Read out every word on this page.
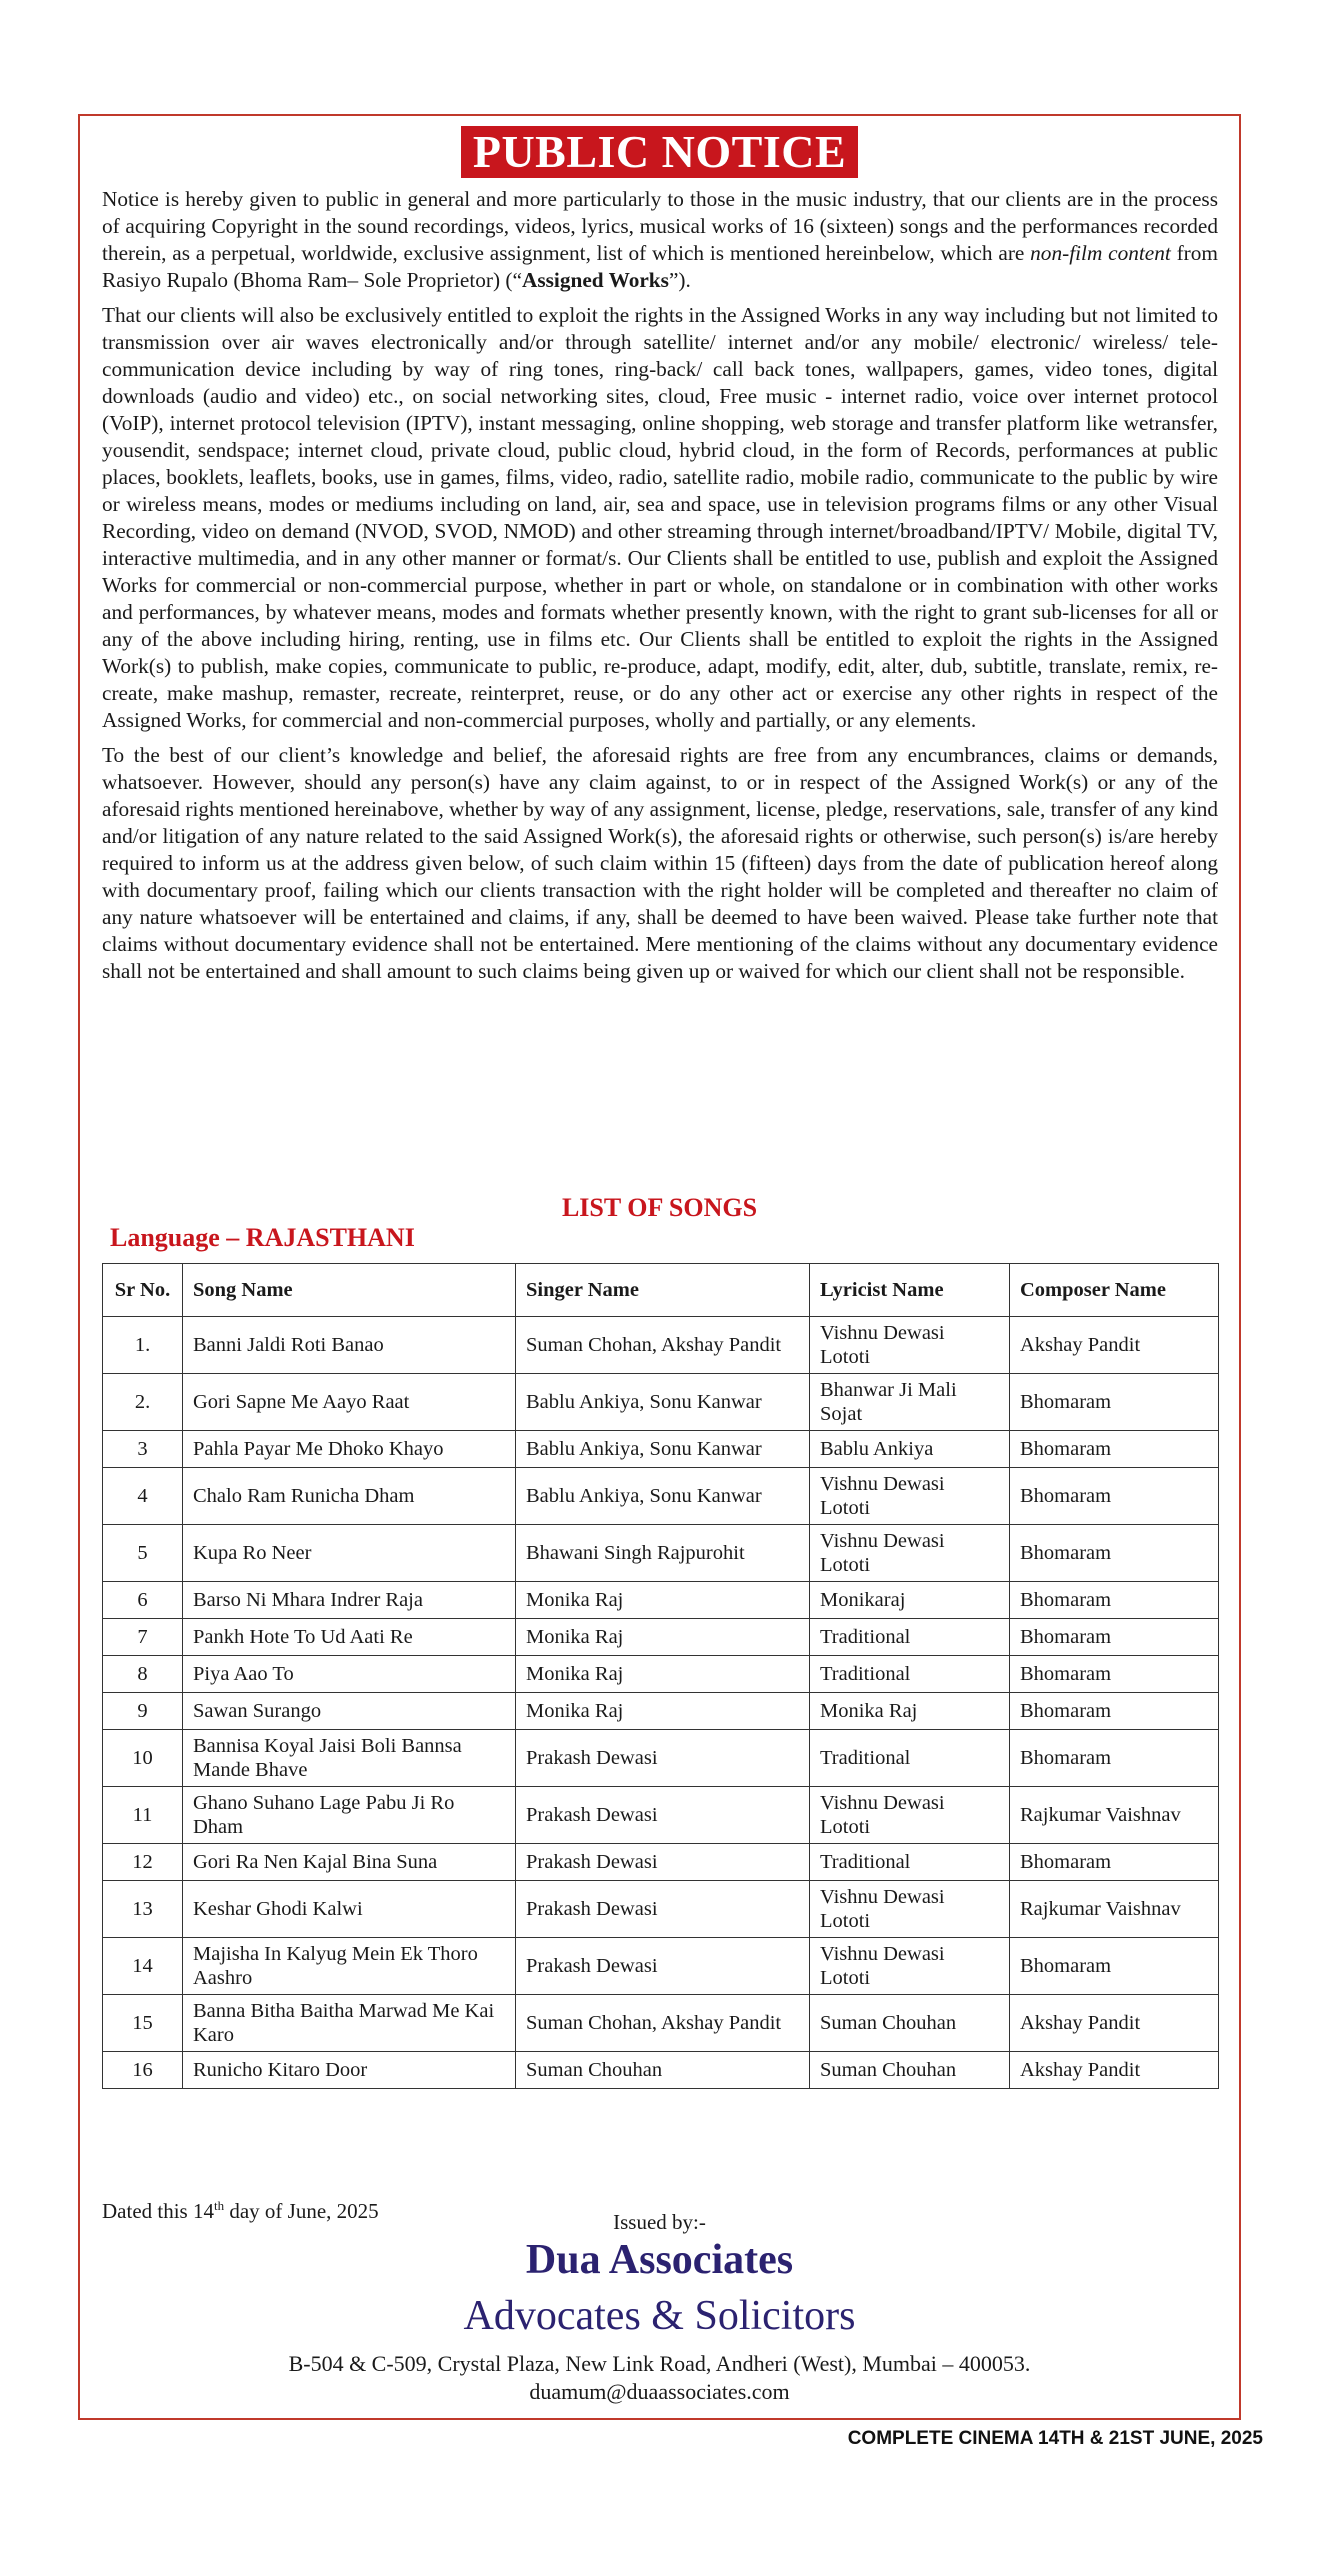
PUBLIC NOTICE

Notice is hereby given to public in general and more particularly to those in the music industry, that our clients are in the process of acquiring Copyright in the sound recordings, videos, lyrics, musical works of 16 (sixteen) songs and the performances recorded therein, as a perpetual, worldwide, exclusive assignment, list of which is mentioned hereinbelow, which are non-film content from Rasiyo Rupalo (Bhoma Ram– Sole Proprietor) (“Assigned Works”).

That our clients will also be exclusively entitled to exploit the rights in the Assigned Works in any way including but not limited to transmission over air waves electronically and/or through satellite/ internet and/or any mobile/ electronic/ wireless/ tele-communication device including by way of ring tones, ring-back/ call back tones, wallpapers, games, video tones, digital downloads (audio and video) etc., on social networking sites, cloud, Free music - internet radio, voice over internet protocol (VoIP), internet protocol television (IPTV), instant messaging, online shopping, web storage and transfer platform like wetransfer, yousendit, sendspace; internet cloud, private cloud, public cloud, hybrid cloud, in the form of Records, performances at public places, booklets, leaflets, books, use in games, films, video, radio, satellite radio, mobile radio, communicate to the public by wire or wireless means, modes or mediums including on land, air, sea and space, use in television programs films or any other Visual Recording, video on demand (NVOD, SVOD, NMOD) and other streaming through internet/broadband/IPTV/ Mobile, digital TV, interactive multimedia, and in any other manner or format/s. Our Clients shall be entitled to use, publish and exploit the Assigned Works for commercial or non-commercial purpose, whether in part or whole, on standalone or in combination with other works and performances, by whatever means, modes and formats whether presently known, with the right to grant sub-licenses for all or any of the above including hiring, renting, use in films etc. Our Clients shall be entitled to exploit the rights in the Assigned Work(s) to publish, make copies, communicate to public, re-produce, adapt, modify, edit, alter, dub, subtitle, translate, remix, re-create, make mashup, remaster, recreate, reinterpret, reuse, or do any other act or exercise any other rights in respect of the Assigned Works, for commercial and non-commercial purposes, wholly and partially, or any elements.

To the best of our client’s knowledge and belief, the aforesaid rights are free from any encumbrances, claims or demands, whatsoever. However, should any person(s) have any claim against, to or in respect of the Assigned Work(s) or any of the aforesaid rights mentioned hereinabove, whether by way of any assignment, license, pledge, reservations, sale, transfer of any kind and/or litigation of any nature related to the said Assigned Work(s), the aforesaid rights or otherwise, such person(s) is/are hereby required to inform us at the address given below, of such claim within 15 (fifteen) days from the date of publication hereof along with documentary proof, failing which our clients transaction with the right holder will be completed and thereafter no claim of any nature whatsoever will be entertained and claims, if any, shall be deemed to have been waived. Please take further note that claims without documentary evidence shall not be entertained. Mere mentioning of the claims without any documentary evidence shall not be entertained and shall amount to such claims being given up or waived for which our client shall not be responsible.

LIST OF SONGS
Language – RAJASTHANI
Sr No.	Song Name	Singer Name	Lyricist Name	Composer Name
1.	Banni Jaldi Roti Banao	Suman Chohan, Akshay Pandit	Vishnu Dewasi Lototi	Akshay Pandit
2.	Gori Sapne Me Aayo Raat	Bablu Ankiya, Sonu Kanwar	Bhanwar Ji Mali Sojat	Bhomaram
3	Pahla Payar Me Dhoko Khayo	Bablu Ankiya, Sonu Kanwar	Bablu Ankiya	Bhomaram
4	Chalo Ram Runicha Dham	Bablu Ankiya, Sonu Kanwar	Vishnu Dewasi Lototi	Bhomaram
5	Kupa Ro Neer	Bhawani Singh Rajpurohit	Vishnu Dewasi Lototi	Bhomaram
6	Barso Ni Mhara Indrer Raja	Monika Raj	Monikaraj	Bhomaram
7	Pankh Hote To Ud Aati Re	Monika Raj	Traditional	Bhomaram
8	Piya Aao To	Monika Raj	Traditional	Bhomaram
9	Sawan Surango	Monika Raj	Monika Raj	Bhomaram
10	Bannisa Koyal Jaisi Boli Bannsa Mande Bhave	Prakash Dewasi	Traditional	Bhomaram
11	Ghano Suhano Lage Pabu Ji Ro Dham	Prakash Dewasi	Vishnu Dewasi Lototi	Rajkumar Vaishnav
12	Gori Ra Nen Kajal Bina Suna	Prakash Dewasi	Traditional	Bhomaram
13	Keshar Ghodi Kalwi	Prakash Dewasi	Vishnu Dewasi Lototi	Rajkumar Vaishnav
14	Majisha In Kalyug Mein Ek Thoro Aashro	Prakash Dewasi	Vishnu Dewasi Lototi	Bhomaram
15	Banna Bitha Baitha Marwad Me Kai Karo	Suman Chohan, Akshay Pandit	Suman Chouhan	Akshay Pandit
16	Runicho Kitaro Door	Suman Chouhan	Suman Chouhan	Akshay Pandit
Dated this 14th day of June, 2025	Issued by:-
Dua Associates
Advocates & Solicitors
B-504 & C-509, Crystal Plaza, New Link Road, Andheri (West), Mumbai – 400053.
duamum@duaassociates.com
COMPLETE CINEMA 14TH & 21ST JUNE, 2025
